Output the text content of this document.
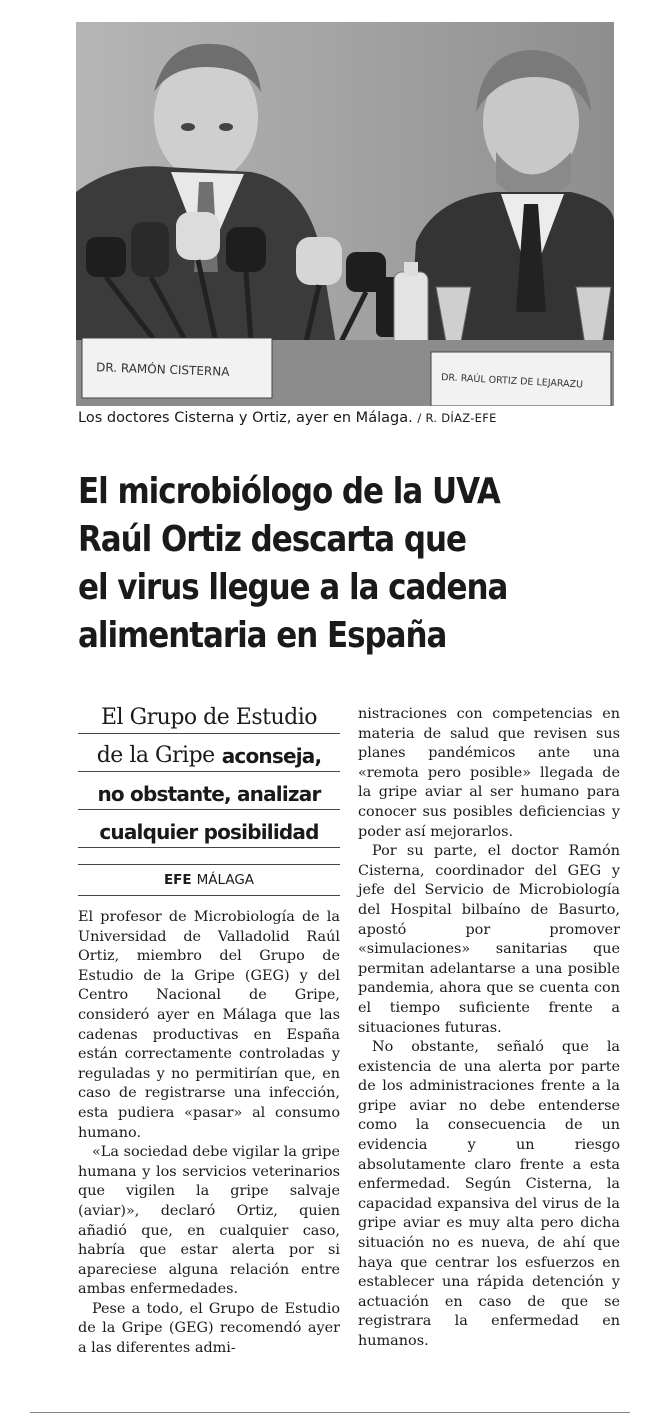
DR. RAMÓN CISTERNA
DR. RAÚL ORTIZ DE LEJARAZU
Los doctores Cisterna y Ortiz, ayer en Málaga. / R. DÍAZ-EFE
El microbiólogo de la UVA
Raúl Ortiz descarta que
el virus llegue a la cadena
alimentaria en España
El Grupo de Estudio
de la Gripe
aconseja,
no obstante, analizar
cualquier posibilidad
EFE MÁLAGA

El profesor de Microbiología de la Universidad de Valladolid Raúl Ortiz, miembro del Grupo de Estudio de la Gripe (GEG) y del Centro Nacional de Gripe, consideró ayer en Málaga que las cadenas productivas en España están correctamente controladas y reguladas y no permitirían que, en caso de registrarse una infección, esta pudiera «pasar» al consumo humano.

«La sociedad debe vigilar la gripe humana y los servicios veterinarios que vigilen la gripe salvaje (aviar)», declaró Ortiz, quien añadió que, en cualquier caso, habría que estar alerta por si apareciese alguna relación entre ambas enfermedades.

Pese a todo, el Grupo de Estudio de la Gripe (GEG) recomendó ayer a las diferentes admi-

nistraciones con competencias en materia de salud que revisen sus planes pandémicos ante una «remota pero posible» llegada de la gripe aviar al ser humano para conocer sus posibles deficiencias y poder así mejorarlos.

Por su parte, el doctor Ramón Cisterna, coordinador del GEG y jefe del Servicio de Microbiología del Hospital bilbaíno de Basurto, apostó por promover «simulaciones» sanitarias que permitan adelantarse a una posible pandemia, ahora que se cuenta con el tiempo suficiente frente a situaciones futuras.

No obstante, señaló que la existencia de una alerta por parte de los administraciones frente a la gripe aviar no debe entenderse como la consecuencia de un evidencia y un riesgo absolutamente claro frente a esta enfermedad. Según Cisterna, la capacidad expansiva del virus de la gripe aviar es muy alta pero dicha situación no es nueva, de ahí que haya que centrar los esfuerzos en establecer una rápida detención y actuación en caso de que se registrara la enfermedad en humanos.
